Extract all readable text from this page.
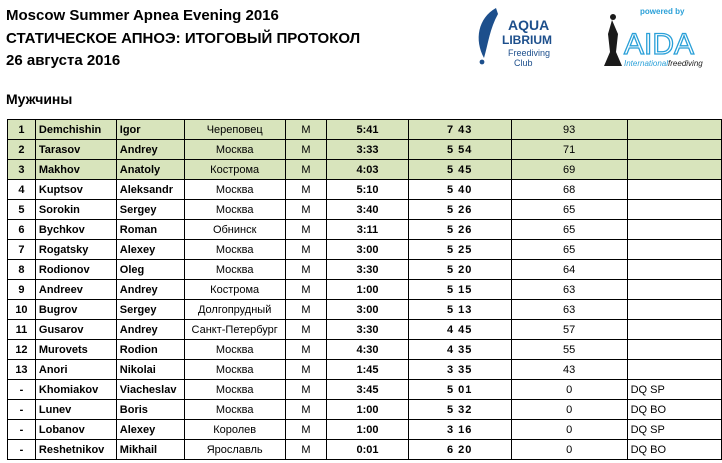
Moscow Summer Apnea Evening 2016
СТАТИЧЕСКОЕ АПНОЭ: ИТОГОВЫЙ ПРОТОКОЛ
26 августа 2016
AQUA
LIBRIUM
Freediving
Club
powered by
AIDA
Internationalfreediving
Мужчины
1	Demchishin	Igor	Череповец	M	5:41	7 43	93	
2	Tarasov	Andrey	Москва	M	3:33	5 54	71	
3	Makhov	Anatoly	Кострома	M	4:03	5 45	69	
4	Kuptsov	Aleksandr	Москва	M	5:10	5 40	68	
5	Sorokin	Sergey	Москва	M	3:40	5 26	65	
6	Bychkov	Roman	Обнинск	M	3:11	5 26	65	
7	Rogatsky	Alexey	Москва	M	3:00	5 25	65	
8	Rodionov	Oleg	Москва	M	3:30	5 20	64	
9	Andreev	Andrey	Кострома	M	1:00	5 15	63	
10	Bugrov	Sergey	Долгопрудный	M	3:00	5 13	63	
11	Gusarov	Andrey	Санкт-Петербург	M	3:30	4 45	57	
12	Murovets	Rodion	Москва	M	4:30	4 35	55	
13	Anori	Nikolai	Москва	M	1:45	3 35	43	
-	Khomiakov	Viacheslav	Москва	M	3:45	5 01	0	DQ SP
-	Lunev	Boris	Москва	M	1:00	5 32	0	DQ BO
-	Lobanov	Alexey	Королев	M	1:00	3 16	0	DQ SP
-	Reshetnikov	Mikhail	Ярославль	M	0:01	6 20	0	DQ BO
